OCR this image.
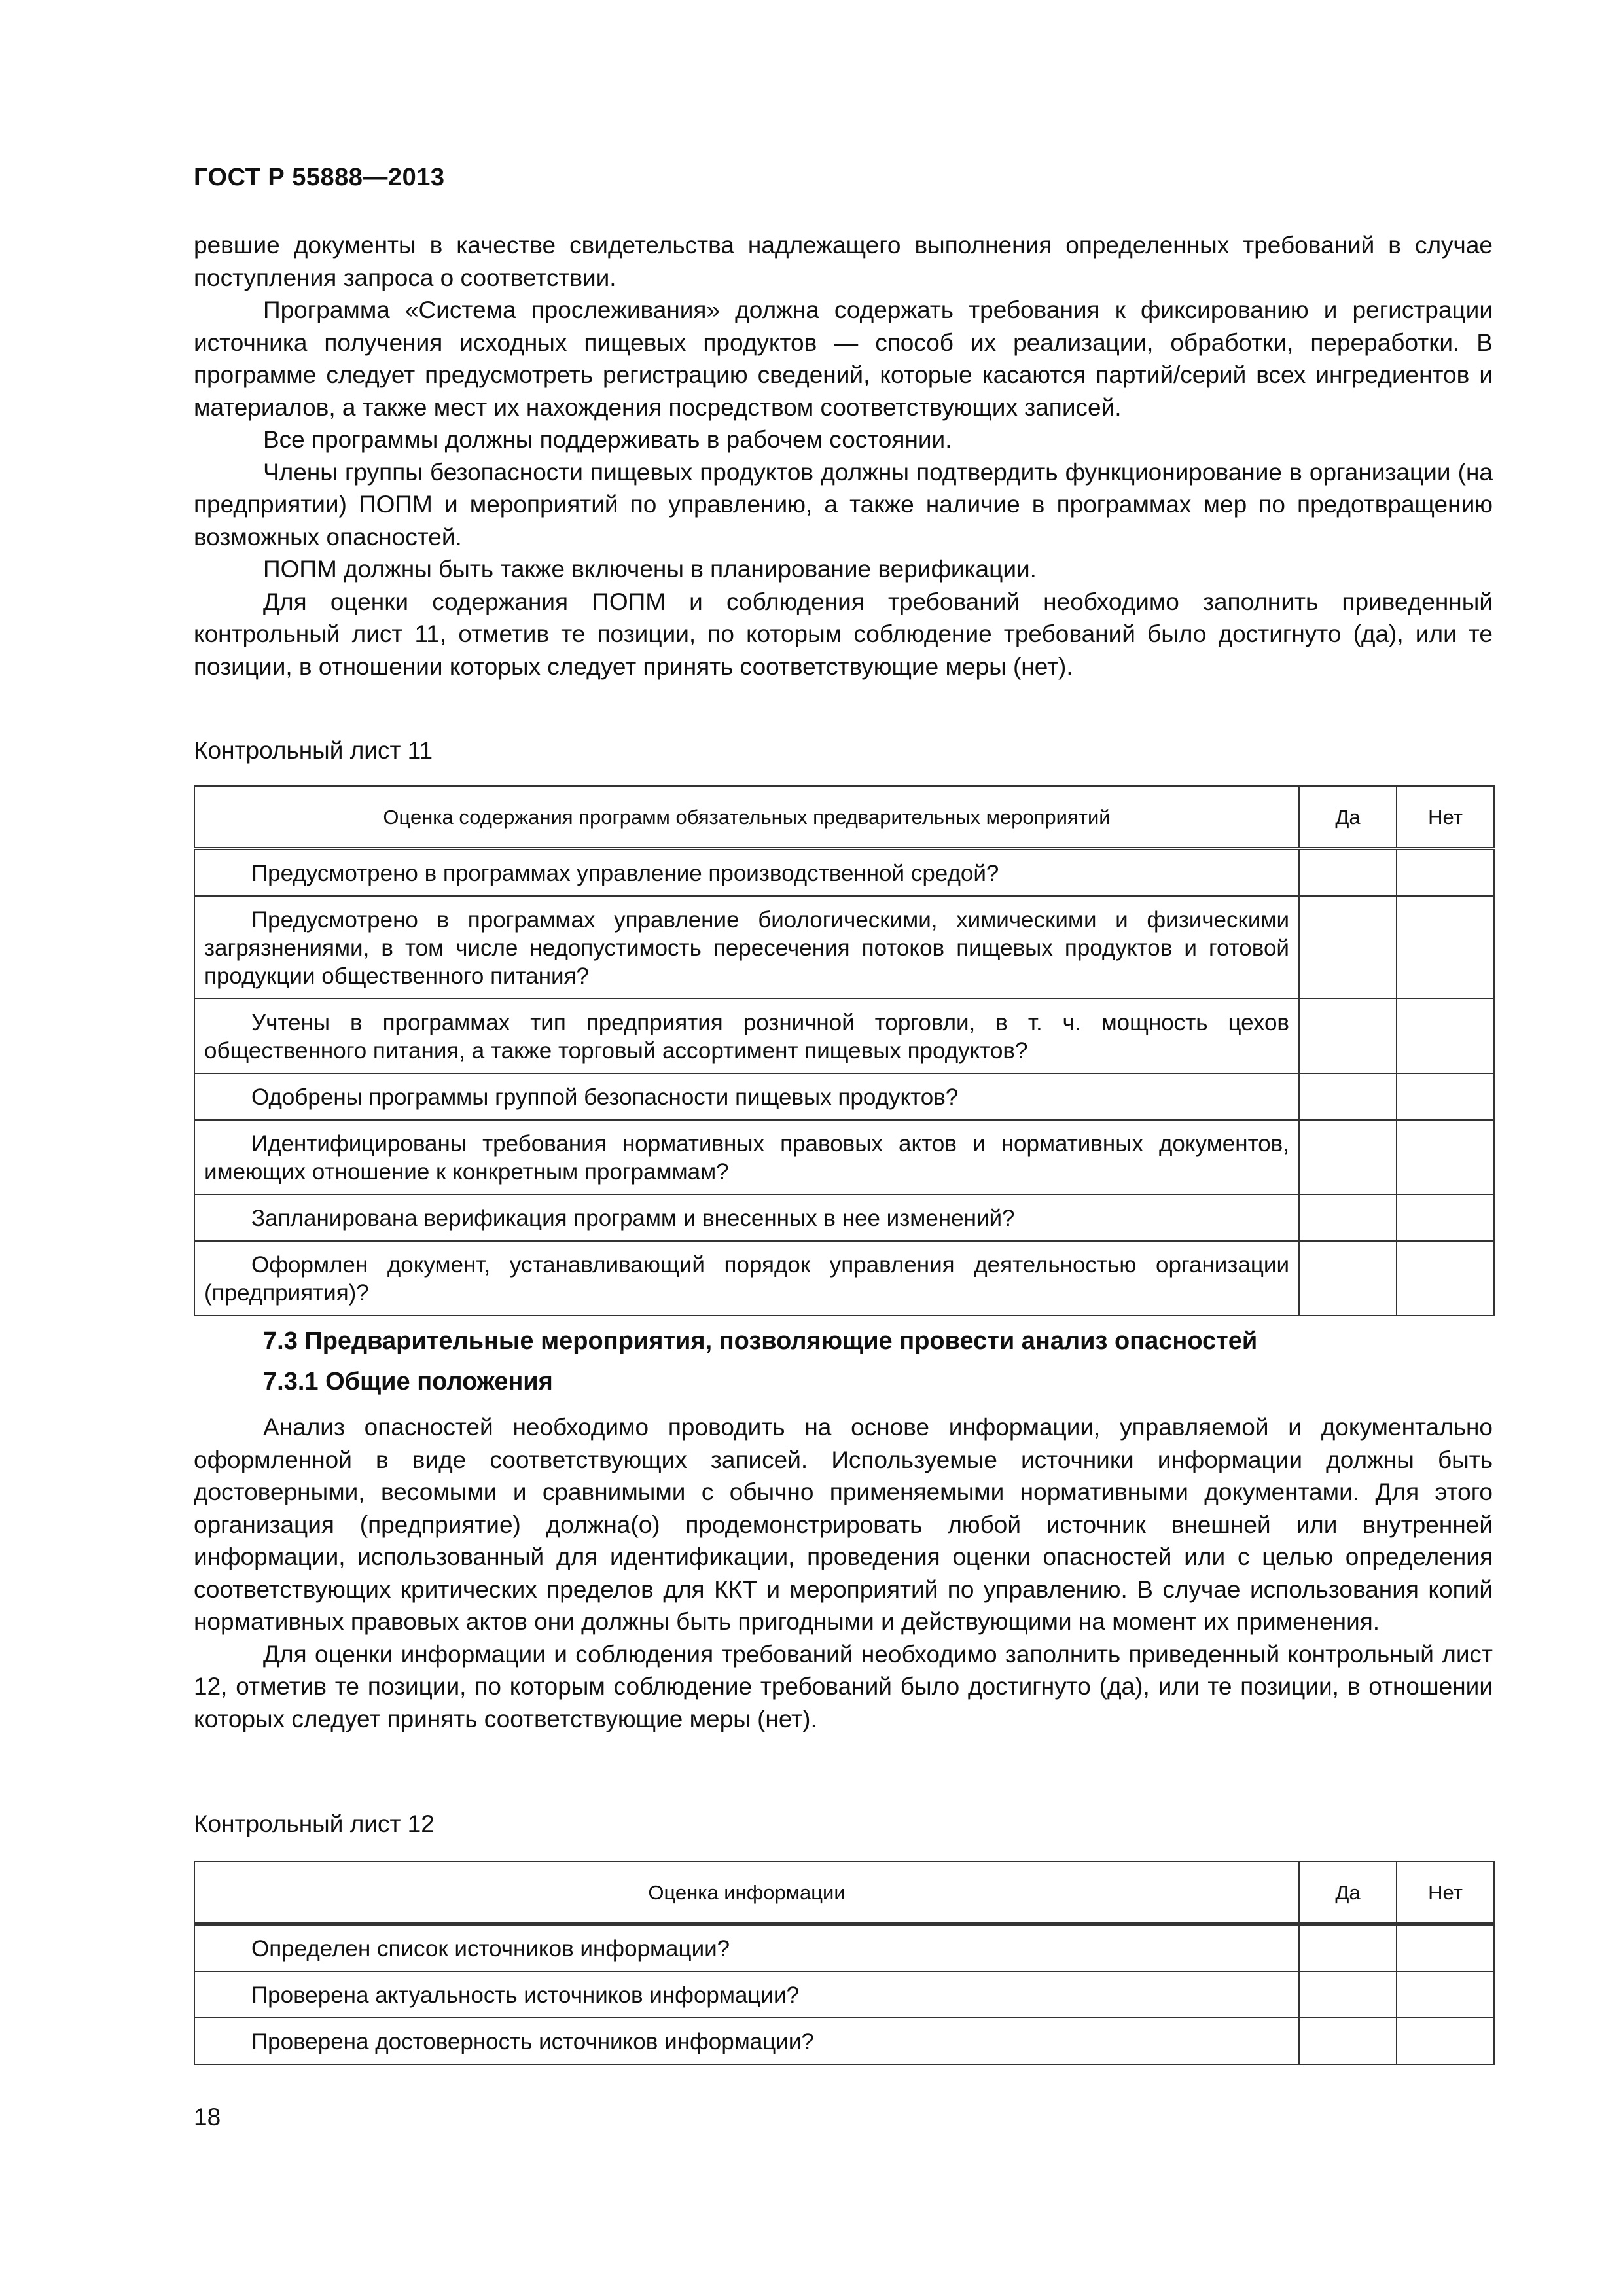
ГОСТ Р 55888—2013

ревшие документы в качестве свидетельства надлежащего выполнения определенных требований в случае поступления запроса о соответствии.

Программа «Система прослеживания» должна содержать требования к фиксированию и регистрации источника получения исходных пищевых продуктов — способ их реализации, обработки, переработки. В программе следует предусмотреть регистрацию сведений, которые касаются партий/серий всех ингредиентов и материалов, а также мест их нахождения посредством соответствующих записей.

Все программы должны поддерживать в рабочем состоянии.

Члены группы безопасности пищевых продуктов должны подтвердить функционирование в организации (на предприятии) ПОПМ и мероприятий по управлению, а также наличие в программах мер по предотвращению возможных опасностей.

ПОПМ должны быть также включены в планирование верификации.

Для оценки содержания ПОПМ и соблюдения требований необходимо заполнить приведенный контрольный лист 11, отметив те позиции, по которым соблюдение требований было достигнуто (да), или те позиции, в отношении которых следует принять соответствующие меры (нет).

Контрольный лист 11
Оценка содержания программ обязательных предварительных мероприятий	Да	Нет
Предусмотрено в программах управление производственной средой?		
Предусмотрено в программах управление биологическими, химическими и физическими загрязнениями, в том числе недопустимость пересечения потоков пищевых продуктов и готовой продукции общественного питания?		
Учтены в программах тип предприятия розничной торговли, в т. ч. мощность цехов общественного питания, а также торговый ассортимент пищевых продуктов?		
Одобрены программы группой безопасности пищевых продуктов?		
Идентифицированы требования нормативных правовых актов и нормативных документов, имеющих отношение к конкретным программам?		
Запланирована верификация программ и внесенных в нее изменений?		
Оформлен документ, устанавливающий порядок управления деятельностью организации (предприятия)?		
7.3 Предварительные мероприятия, позволяющие провести анализ опасностей
7.3.1 Общие положения

Анализ опасностей необходимо проводить на основе информации, управляемой и документально оформленной в виде соответствующих записей. Используемые источники информации должны быть достоверными, весомыми и сравнимыми с обычно применяемыми нормативными документами. Для этого организация (предприятие) должна(о) продемонстрировать любой источник внешней или внутренней информации, использованный для идентификации, проведения оценки опасностей или с целью определения соответствующих критических пределов для ККТ и мероприятий по управлению. В случае использования копий нормативных правовых актов они должны быть пригодными и действующими на момент их применения.

Для оценки информации и соблюдения требований необходимо заполнить приведенный контрольный лист 12, отметив те позиции, по которым соблюдение требований было достигнуто (да), или те позиции, в отношении которых следует принять соответствующие меры (нет).

Контрольный лист 12
Оценка информации	Да	Нет
Определен список источников информации?		
Проверена актуальность источников информации?		
Проверена достоверность источников информации?		
18
